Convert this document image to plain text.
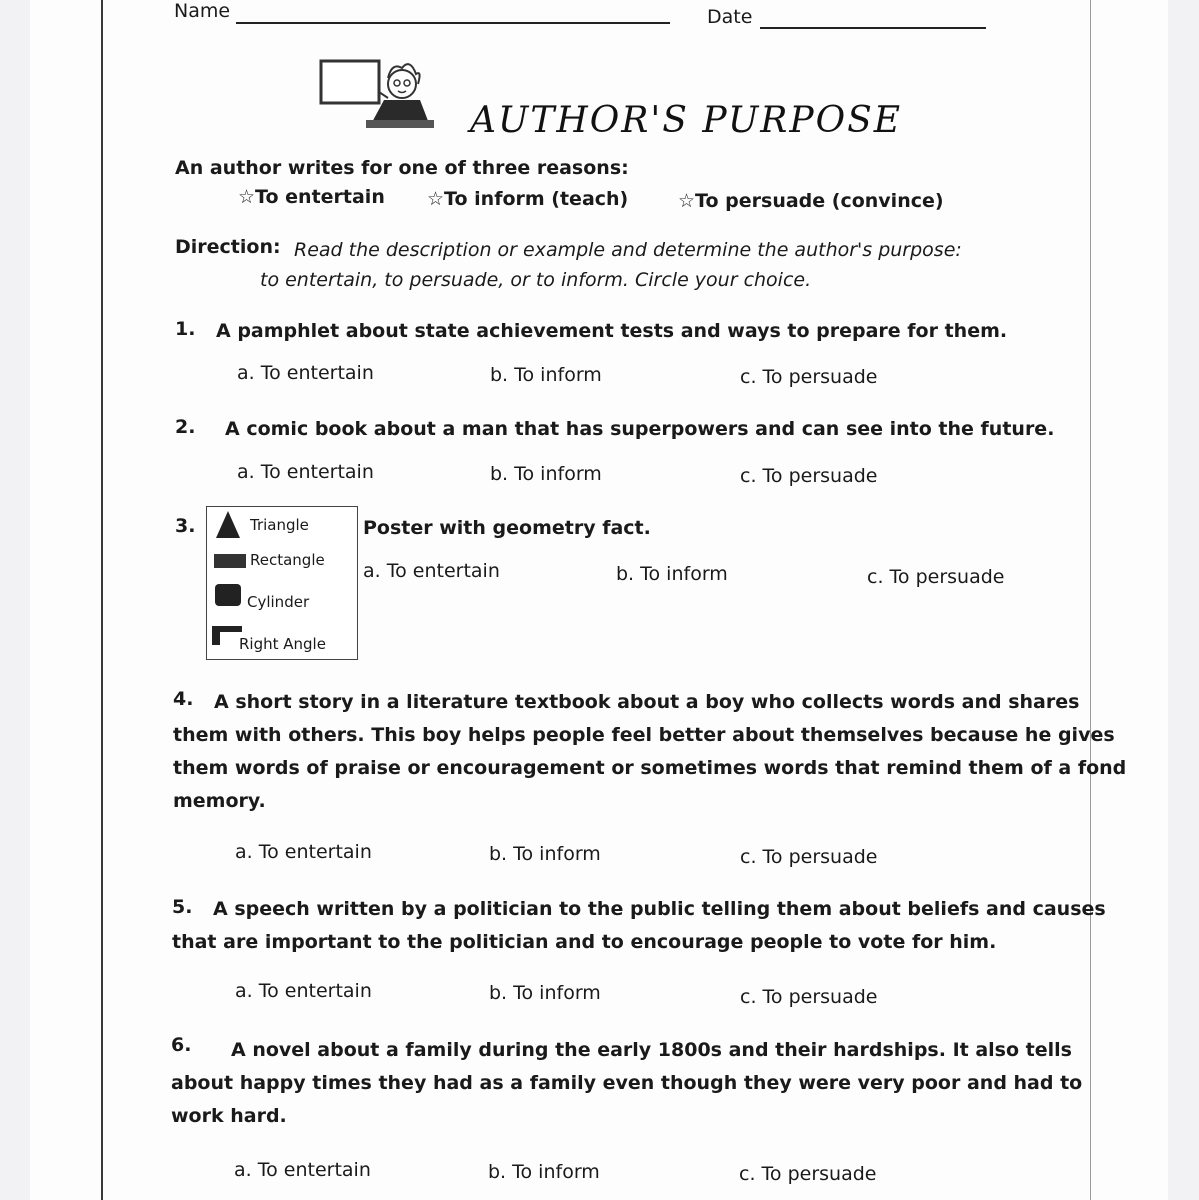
Name	Date
AUTHOR'S PURPOSE
An author writes for one of three reasons:
☆To entertain ☆To inform (teach)	☆To persuade (convince)
Direction: Read the description or example and determine the author's purpose:
to entertain, to persuade, or to inform. Circle your choice.
1. A pamphlet about state achievement tests and ways to prepare for them.
a. To entertain	b. To inform	c. To persuade
2. A comic book about a man that has superpowers and can see into the future.
a. To entertain	b. To inform	c. To persuade
3.	Triangle
Rectangle
Cylinder
Right Angle
Poster with geometry fact.
a. To entertain	b. To inform	c. To persuade
4.	A short story in a literature textbook about a boy who collects words and shares
them with others. This boy helps people feel better about themselves because he gives
them words of praise or encouragement or sometimes words that remind them of a fond
memory.
a. To entertain	b. To inform	c. To persuade
5.	A speech written by a politician to the public telling them about beliefs and causes
that are important to the politician and to encourage people to vote for him.
a. To entertain	b. To inform	c. To persuade
6.	A novel about a family during the early 1800s and their hardships. It also tells
about happy times they had as a family even though they were very poor and had to
work hard.
a. To entertain	b. To inform	c. To persuade
